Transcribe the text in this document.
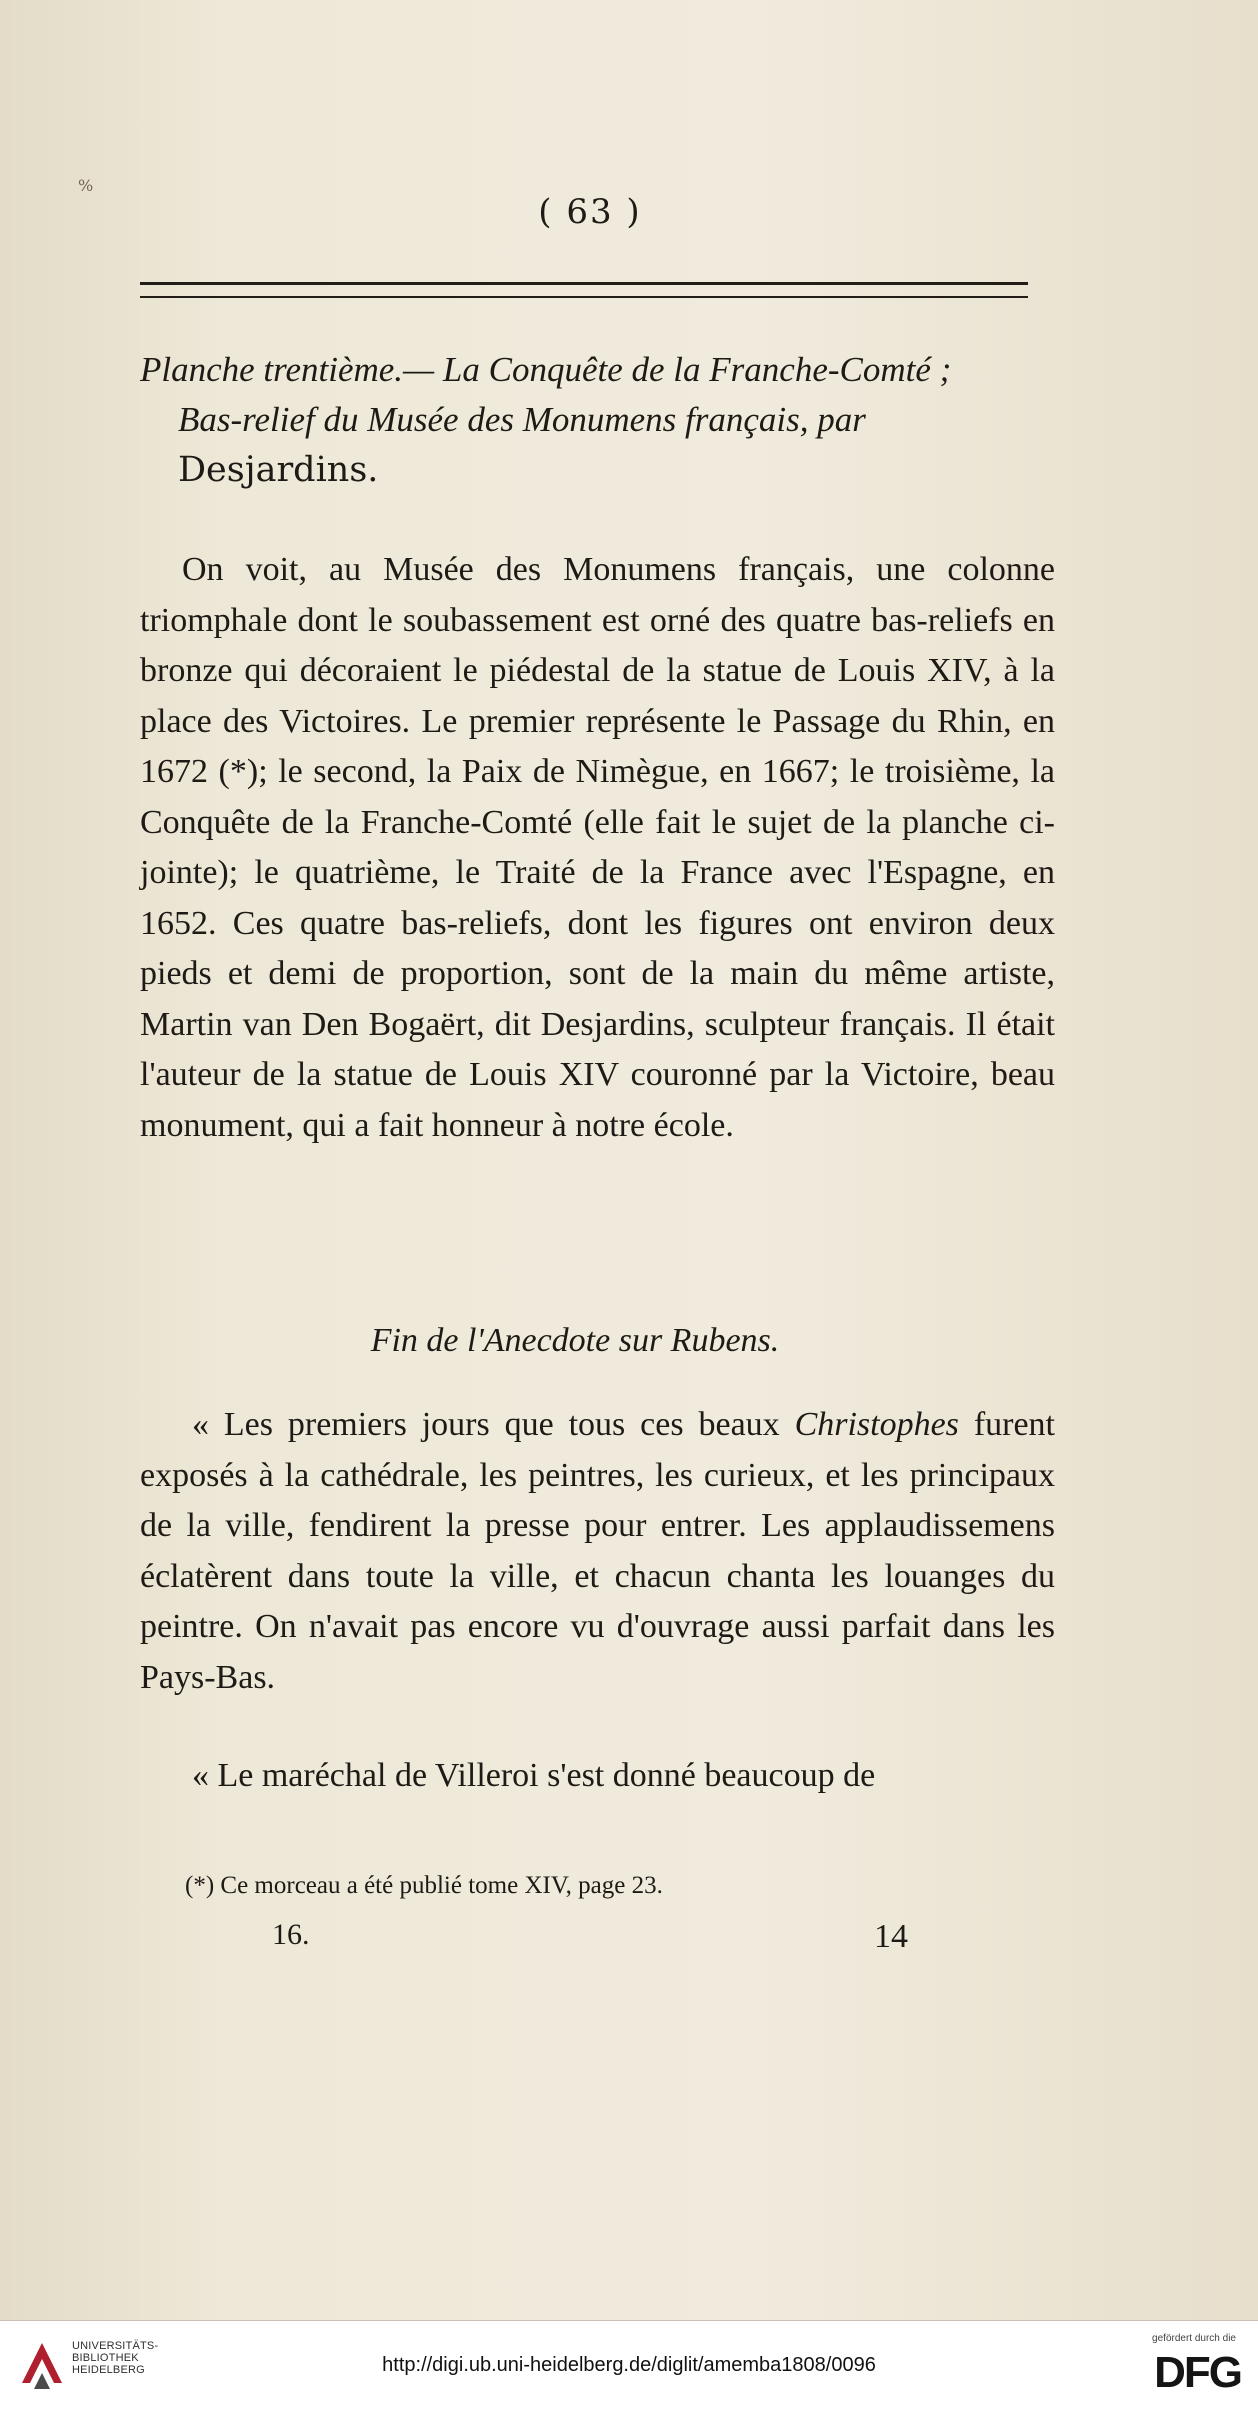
%
( 63 )
Planche trentième.— La Conquête de la Franche-Comté ;
Bas-relief du Musée des Monumens français, par
Desjardins.
On voit, au Musée des Monumens français, une colonne triomphale dont le soubassement est orné des quatre bas-reliefs en bronze qui décoraient le piédestal de la statue de Louis XIV, à la place des Victoires. Le premier représente le Passage du Rhin, en 1672 (*); le second, la Paix de Nimègue, en 1667; le troisième, la Conquête de la Franche-Comté (elle fait le sujet de la planche ci-jointe); le quatrième, le Traité de la France avec l'Espagne, en 1652. Ces quatre bas-reliefs, dont les figures ont environ deux pieds et demi de proportion, sont de la main du même artiste, Martin van Den Bogaërt, dit Desjardins, sculpteur français. Il était l'auteur de la statue de Louis XIV couronné par la Victoire, beau monument, qui a fait honneur à notre école.
Fin de l'Anecdote sur Rubens.
« Les premiers jours que tous ces beaux Christophes furent exposés à la cathédrale, les peintres, les curieux, et les principaux de la ville, fendirent la presse pour entrer. Les applaudissemens éclatèrent dans toute la ville, et chacun chanta les louanges du peintre. On n'avait pas encore vu d'ouvrage aussi parfait dans les Pays-Bas.
« Le maréchal de Villeroi s'est donné beaucoup de
(*) Ce morceau a été publié tome XIV, page 23.
16.	14
UNIVERSITÄTS-
BIBLIOTHEK
HEIDELBERG	http://digi.ub.uni-heidelberg.de/diglit/amemba1808/0096
gefördert durch die
DFG
